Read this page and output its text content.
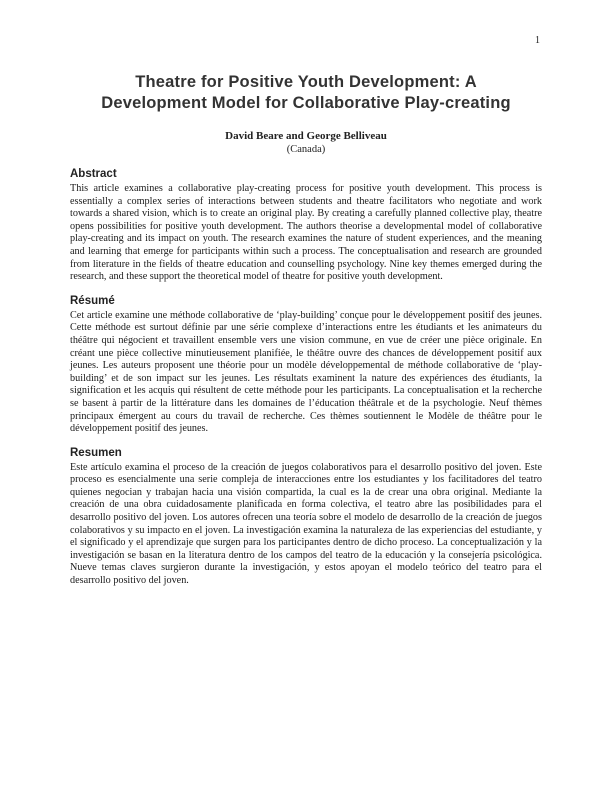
1
Theatre for Positive Youth Development: A
Development Model for Collaborative Play-creating
David Beare and George Belliveau
(Canada)
Abstract

This article examines a collaborative play-creating process for positive youth development. This process is essentially a complex series of interactions between students and theatre facilitators who negotiate and work towards a shared vision, which is to create an original play. By creating a carefully planned collective play, theatre opens possibilities for positive youth development. The authors theorise a developmental model of collaborative play-creating and its impact on youth. The research examines the nature of student experiences, and the meaning and learning that emerge for participants within such a process. The conceptualisation and research are grounded from literature in the fields of theatre education and counselling psychology. Nine key themes emerged during the research, and these support the theoretical model of theatre for positive youth development.

Résumé

Cet article examine une méthode collaborative de ‘play-building’ conçue pour le développement positif des jeunes. Cette méthode est surtout définie par une série complexe d’interactions entre les étudiants et les animateurs du théâtre qui négocient et travaillent ensemble vers une vision commune, en vue de créer une pièce originale. En créant une pièce collective minutieusement planifiée, le théâtre ouvre des chances de développement positif aux jeunes. Les auteurs proposent une théorie pour un modèle développemental de méthode collaborative de ‘play-building’ et de son impact sur les jeunes. Les résultats examinent la nature des expériences des étudiants, la signification et les acquis qui résultent de cette méthode pour les participants. La conceptualisation et la recherche se basent à partir de la littérature dans les domaines de l’éducation théâtrale et de la psychologie. Neuf thèmes principaux émergent au cours du travail de recherche. Ces thèmes soutiennent le Modèle de théâtre pour le développement positif des jeunes.

Resumen

Este artículo examina el proceso de la creación de juegos colaborativos para el desarrollo positivo del joven. Este proceso es esencialmente una serie compleja de interacciones entre los estudiantes y los facilitadores del teatro quienes negocian y trabajan hacia una visión compartida, la cual es la de crear una obra original. Mediante la creación de una obra cuidadosamente planificada en forma colectiva, el teatro abre las posibilidades para el desarrollo positivo del joven. Los autores ofrecen una teoría sobre el modelo de desarrollo de la creación de juegos colaborativos y su impacto en el joven. La investigación examina la naturaleza de las experiencias del estudiante, y el significado y el aprendizaje que surgen para los participantes dentro de dicho proceso. La conceptualización y la investigación se basan en la literatura dentro de los campos del teatro de la educación y la consejería psicológica. Nueve temas claves surgieron durante la investigación, y estos apoyan el modelo teórico del teatro para el desarrollo positivo del joven.
